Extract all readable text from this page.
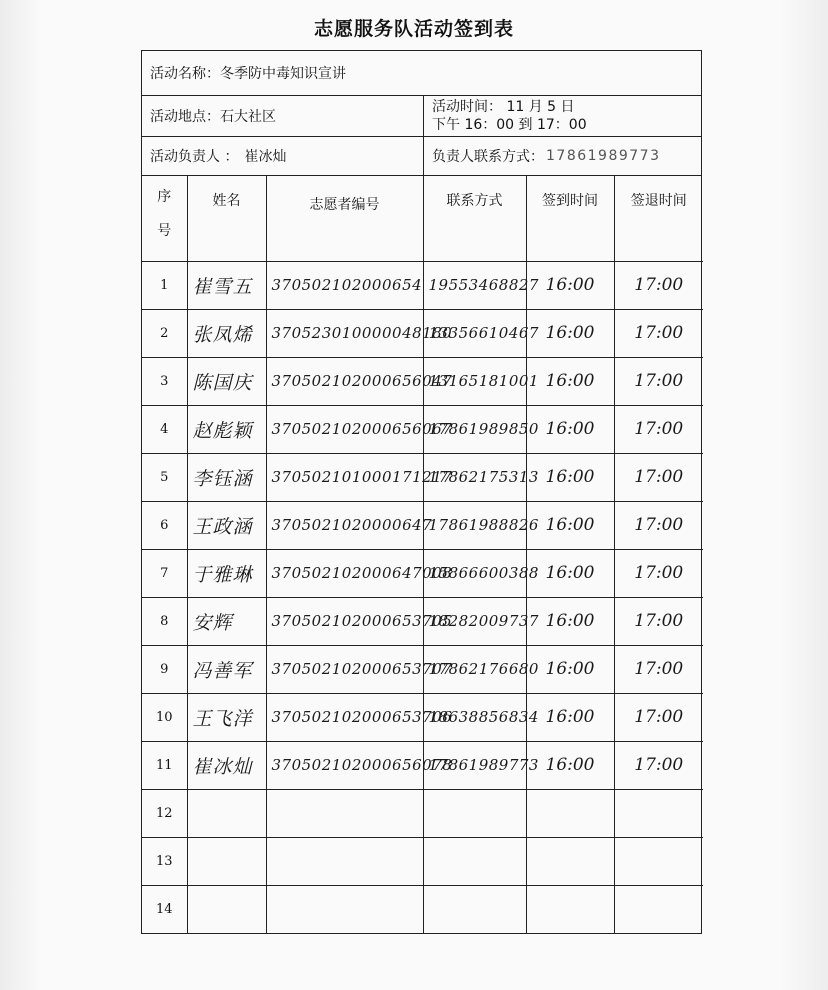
志愿服务队活动签到表
活动名称： 冬季防中毒知识宣讲
活动地点： 石大社区
活动时间： 11 月 5 日
下午 16：00 到 17：00
活动负责人 ： 崔冰灿	负责人联系方式： 17861989773
序
号	姓名	志愿者编号	联系方式	签到时间	签退时间
1	崔雪五	370502102000654	19553468827	16:00	17:00
2	张凤烯	370523010000048180	13356610467	16:00	17:00
3	陈国庆	370502102000656047	13165181001	16:00	17:00
4	赵彪颖	370502102000656067	17861989850	16:00	17:00
5	李钰涵	370502101000171217	17862175313	16:00	17:00
6	王政涵	3705021020000647	17861988826	16:00	17:00
7	于雅琳	370502102000647008	15866600388	16:00	17:00
8	安辉	370502102000653705	18282009737	16:00	17:00
9	冯善军	370502102000653707	17862176680	16:00	17:00
10	王飞洋	370502102000653706	18638856834	16:00	17:00
11	崔冰灿	370502102000656078	17861989773	16:00	17:00
12					
13					
14					
